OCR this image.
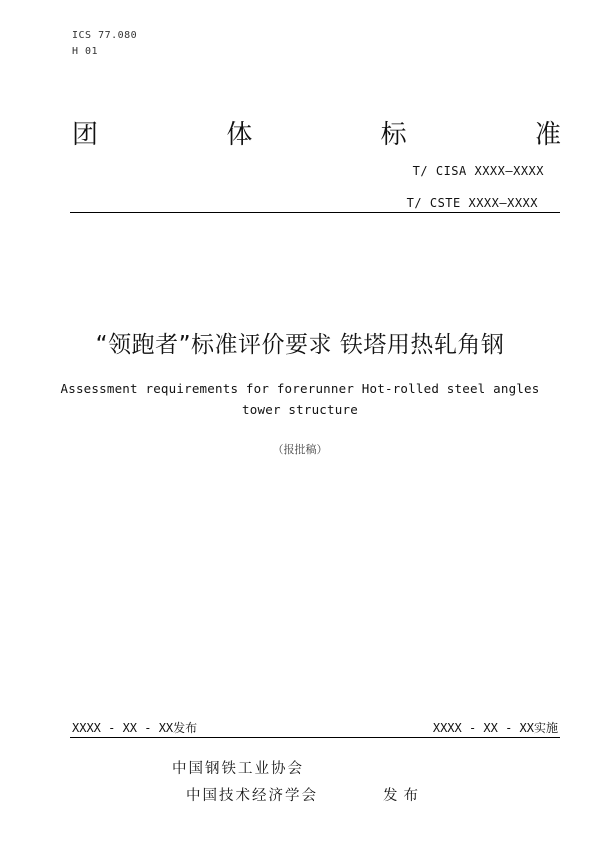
ICS 77.080
H 01
团	体	标	准
T/ CISA XXXX—XXXX
T/ CSTE XXXX—XXXX
“领跑者”标准评价要求 铁塔用热轧角钢
Assessment requirements for forerunner Hot-rolled steel angles tower structure
（报批稿）
XXXX - XX - XX发布	XXXX - XX - XX实施
中国钢铁工业协会
中国技术经济学会	发布
